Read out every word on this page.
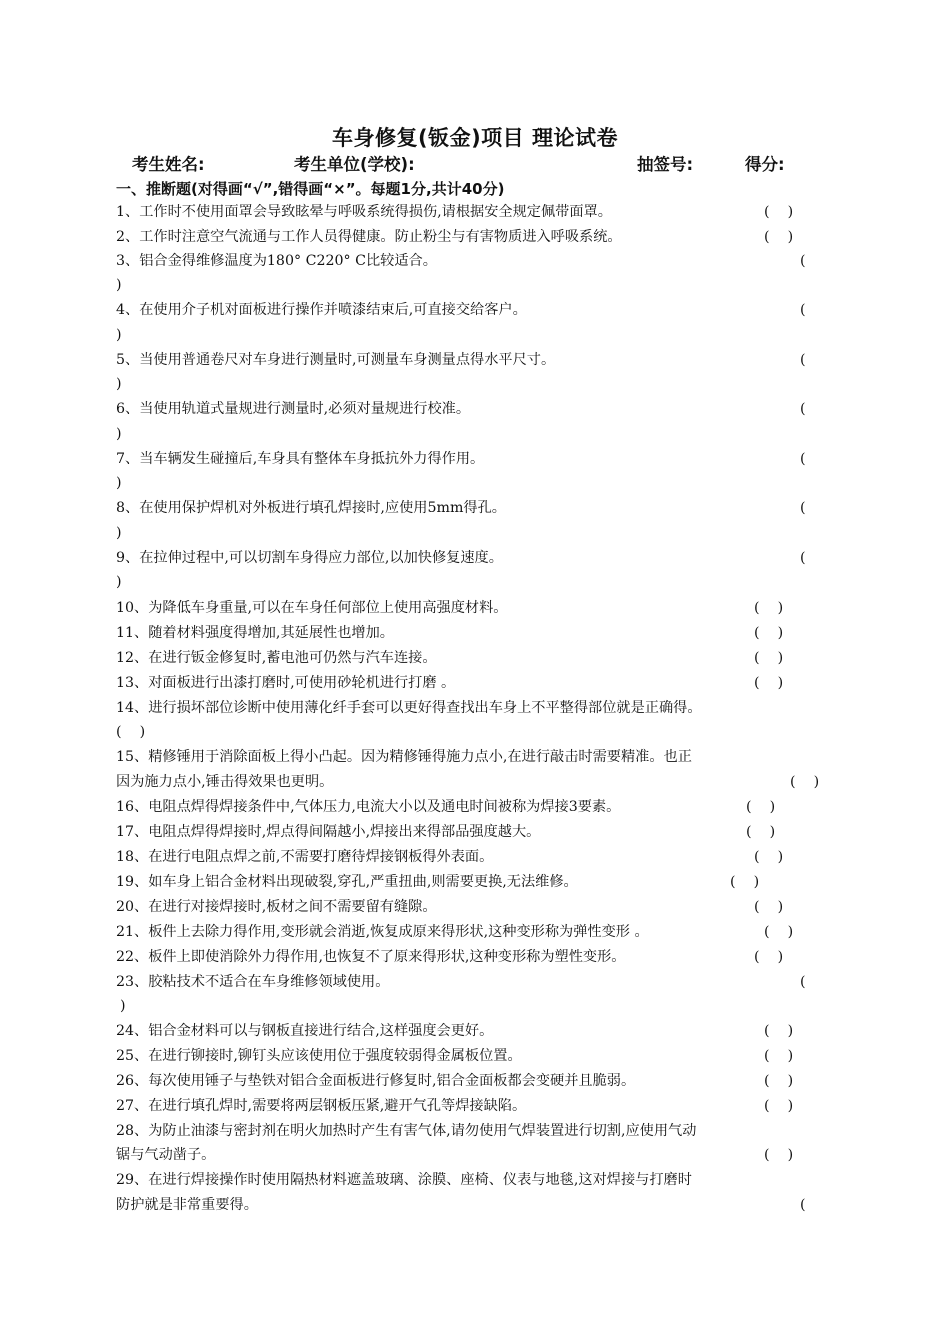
车身修复(钣金)项目 理论试卷
考生姓名:	考生单位(学校):	抽签号:	得分:
一、推断题(对得画“√”,错得画“×”。每题1分,共计40分)
1、工作时不使用面罩会导致眩晕与呼吸系统得损伤,请根据安全规定佩带面罩。	(    )
2、工作时注意空气流通与工作人员得健康。防止粉尘与有害物质进入呼吸系统。	(    )
3、铝合金得维修温度为180° C220° C比较适合。	(
)
4、在使用介子机对面板进行操作并喷漆结束后,可直接交给客户。	(
)
5、当使用普通卷尺对车身进行测量时,可测量车身测量点得水平尺寸。	(
)
6、当使用轨道式量规进行测量时,必须对量规进行校准。	(
)
7、当车辆发生碰撞后,车身具有整体车身抵抗外力得作用。	(
)
8、在使用保护焊机对外板进行填孔焊接时,应使用5mm得孔。	(
)
9、在拉伸过程中,可以切割车身得应力部位,以加快修复速度。	(
)
10、为降低车身重量,可以在车身任何部位上使用高强度材料。	(    )
11、随着材料强度得增加,其延展性也增加。	(    )
12、在进行钣金修复时,蓄电池可仍然与汽车连接。	(    )
13、对面板进行出漆打磨时,可使用砂轮机进行打磨 。	(    )
14、进行损坏部位诊断中使用薄化纤手套可以更好得查找出车身上不平整得部位就是正确得。
(    )
15、精修锤用于消除面板上得小凸起。因为精修锤得施力点小,在进行敲击时需要精准。也正
因为施力点小,锤击得效果也更明。	(    )
16、电阻点焊得焊接条件中,气体压力,电流大小以及通电时间被称为焊接3要素。	(    )
17、电阻点焊得焊接时,焊点得间隔越小,焊接出来得部品强度越大。	(    )
18、在进行电阻点焊之前,不需要打磨待焊接钢板得外表面。	(    )
19、如车身上铝合金材料出现破裂,穿孔,严重扭曲,则需要更换,无法维修。	(    )
20、在进行对接焊接时,板材之间不需要留有缝隙。	(    )
21、板件上去除力得作用,变形就会消逝,恢复成原来得形状,这种变形称为弹性变形 。	(    )
22、板件上即使消除外力得作用,也恢复不了原来得形状,这种变形称为塑性变形。	(    )
23、胶粘技术不适合在车身维修领域使用。	(
)
24、铝合金材料可以与钢板直接进行结合,这样强度会更好。	(    )
25、在进行铆接时,铆钉头应该使用位于强度较弱得金属板位置。	(    )
26、每次使用锤子与垫铁对铝合金面板进行修复时,铝合金面板都会变硬并且脆弱。	(    )
27、在进行填孔焊时,需要将两层钢板压紧,避开气孔等焊接缺陷。	(    )
28、为防止油漆与密封剂在明火加热时产生有害气体,请勿使用气焊装置进行切割,应使用气动
锯与气动凿子。	(    )
29、在进行焊接操作时使用隔热材料遮盖玻璃、涂膜、座椅、仪表与地毯,这对焊接与打磨时
防护就是非常重要得。	(
